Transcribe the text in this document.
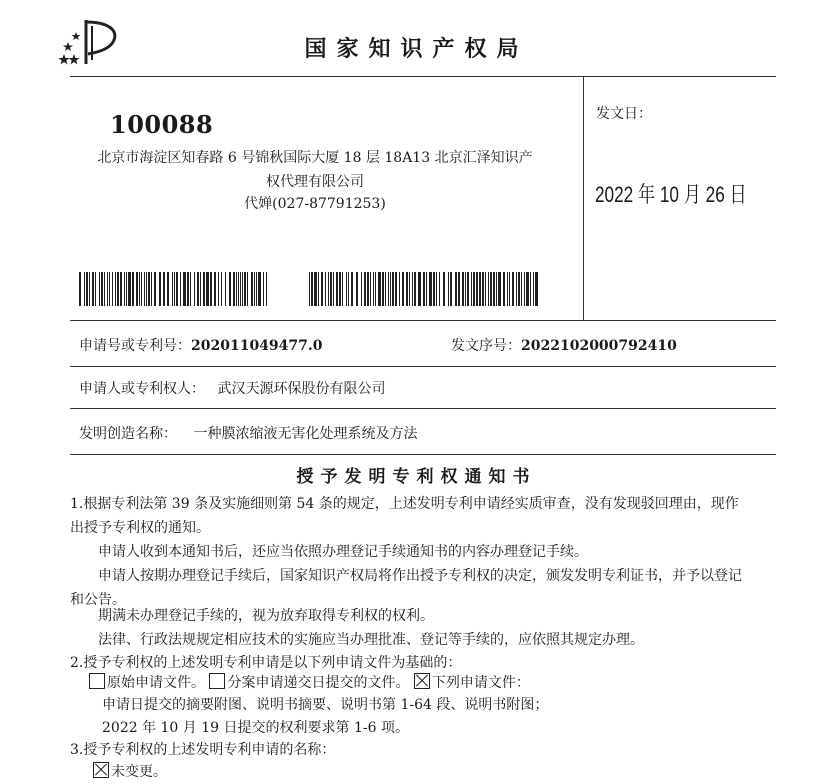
国家知识产权局
100088
北京市海淀区知春路 6 号锦秋国际大厦 18 层 18A13 北京汇泽知识产
权代理有限公司
代婵(027-87791253)
发文日：
2022 年 10 月 26 日
申请号或专利号：202011049477.0	发文序号：2022102000792410
申请人或专利权人： 武汉天源环保股份有限公司
发明创造名称： 一种膜浓缩液无害化处理系统及方法
授予发明专利权通知书
1.根据专利法第 39 条及实施细则第 54 条的规定，上述发明专利申请经实质审查，没有发现驳回理由，现作
出授予专利权的通知。
申请人收到本通知书后，还应当依照办理登记手续通知书的内容办理登记手续。
申请人按期办理登记手续后，国家知识产权局将作出授予专利权的决定，颁发发明专利证书，并予以登记
和公告。
期满未办理登记手续的，视为放弃取得专利权的权利。
法律、行政法规规定相应技术的实施应当办理批准、登记等手续的，应依照其规定办理。
2.授予专利权的上述发明专利申请是以下列申请文件为基础的：
原始申请文件。 分案申请递交日提交的文件。 下列申请文件：
申请日提交的摘要附图、说明书摘要、说明书第 1-64 段、说明书附图；
2022 年 10 月 19 日提交的权利要求第 1-6 项。
3.授予专利权的上述发明专利申请的名称：
未变更。
